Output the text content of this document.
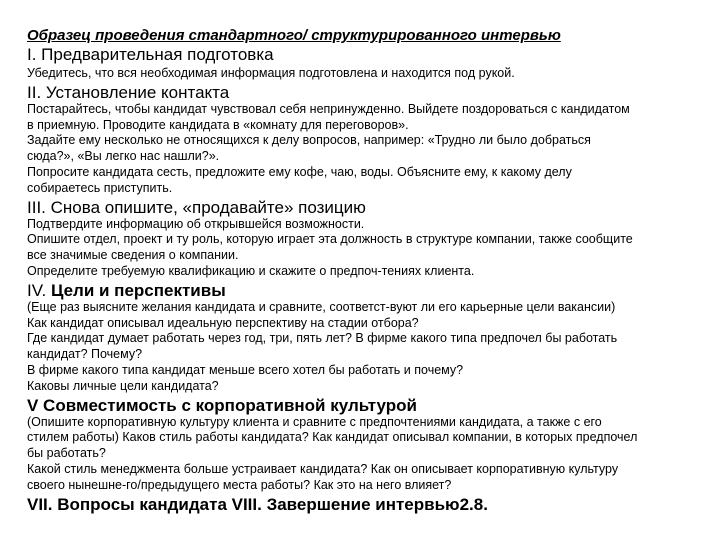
Образец проведения стандартного/ структурированного интервью
I. Предварительная подготовка
Убедитесь, что вся необходимая информация подготовлена и находится под рукой.
II. Установление контакта
Постарайтесь, чтобы кандидат чувствовал себя непринужденно. Выйдете поздороваться с кандидатом
в приемную. Проводите кандидата в «комнату для переговоров».
Задайте ему несколько не относящихся к делу вопросов, например: «Трудно ли было добраться
сюда?», «Вы легко нас нашли?».
Попросите кандидата сесть, предложите ему кофе, чаю, воды. Объясните ему, к какому делу
собираетесь приступить.
III. Снова опишите, «продавайте» позицию
Подтвердите информацию об открывшейся возможности.
Опишите отдел, проект и ту роль, которую играет эта должность в структуре компании, также сообщите
все значимые сведения о компании.
Определите требуемую квалификацию и скажите о предпоч-тениях клиента.
IV. Цели и перспективы
(Еще раз выясните желания кандидата и сравните, соответст-вуют ли его карьерные цели вакансии)
Как кандидат описывал идеальную перспективу на стадии отбора?
Где кандидат думает работать через год, три, пять лет? В фирме какого типа предпочел бы работать
кандидат? Почему?
В фирме какого типа кандидат меньше всего хотел бы работать и почему?
Каковы личные цели кандидата?
V Совместимость с корпоративной культурой
(Опишите корпоративную культуру клиента и сравните с предпочтениями кандидата, а также с его
стилем работы) Каков стиль работы кандидата? Как кандидат описывал компании, в которых предпочел
бы работать?
Какой стиль менеджмента больше устраивает кандидата? Как он описывает корпоративную культуру
своего нынешне-го/предыдущего места работы? Как это на него влияет?
VII. Вопросы кандидата VIII. Завершение интервью2.8.
